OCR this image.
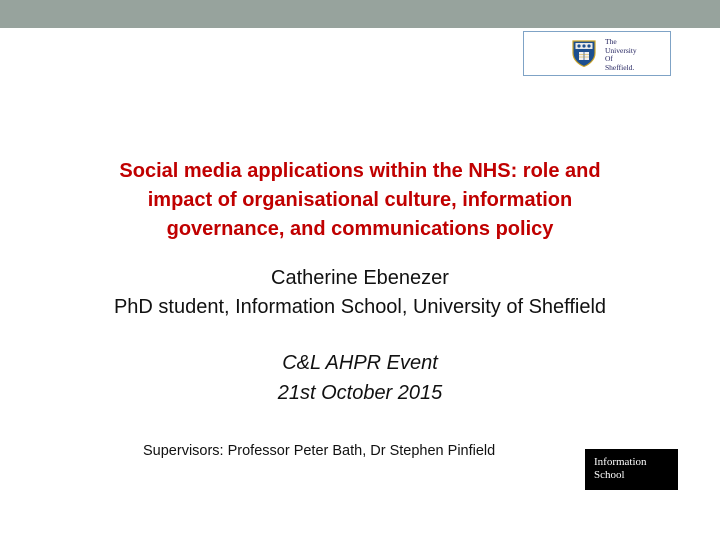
The
University
Of
Sheffield.
Social media applications within the NHS: role and
impact of organisational culture, information
governance, and communications policy
Catherine Ebenezer
PhD student, Information School, University of Sheffield
C&L AHPR Event
21st October 2015
Supervisors: Professor Peter Bath, Dr Stephen Pinfield
Information
School
